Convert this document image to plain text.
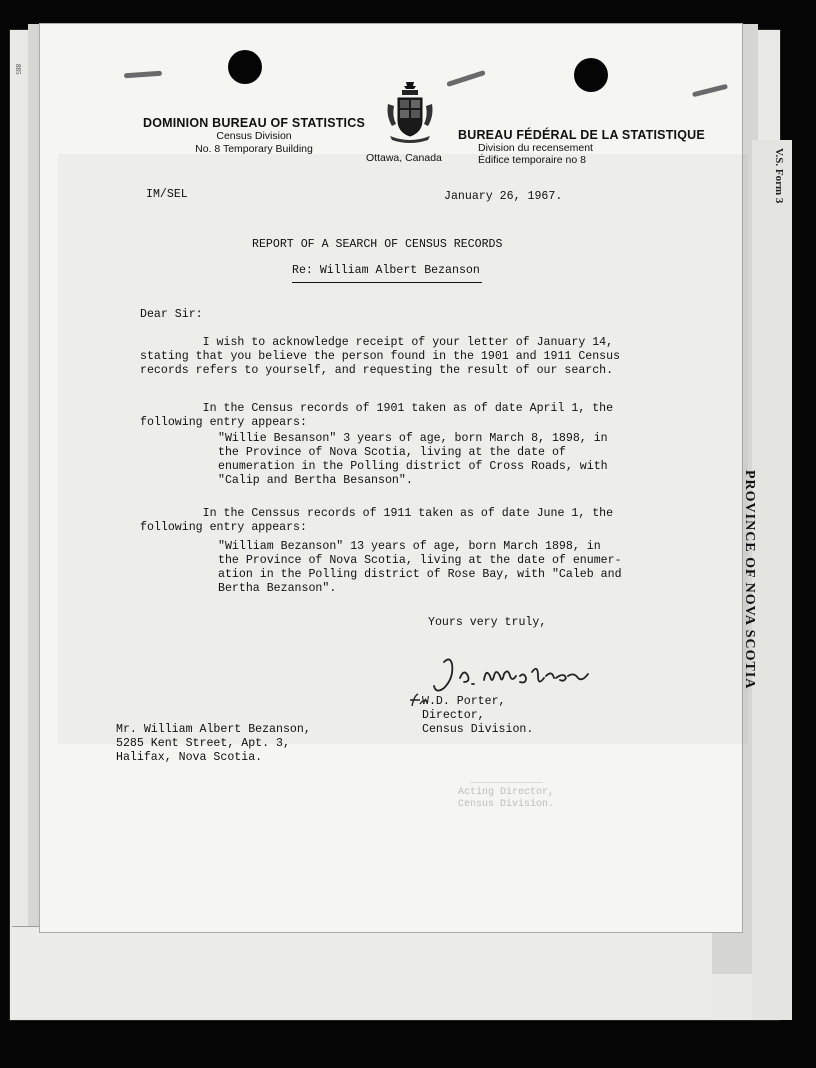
V.S. Form 3
PROVINCE OF NOVA SCOTIA
885
DOMINION BUREAU OF STATISTICS
Census Division
No. 8 Temporary Building
BUREAU FÉDÉRAL DE LA STATISTIQUE
Division du recensement
Édifice temporaire no 8
Ottawa, Canada
IM/SEL	January 26, 1967.
REPORT OF A SEARCH OF CENSUS RECORDS
Re: William Albert Bezanson
Dear Sir:
I wish to acknowledge receipt of your letter of January 14,
stating that you believe the person found in the 1901 and 1911 Census
records refers to yourself, and requesting the result of our search.
In the Census records of 1901 taken as of date April 1, the
following entry appears:
"Willie Besanson" 3 years of age, born March 8, 1898, in
the Province of Nova Scotia, living at the date of
enumeration in the Polling district of Cross Roads, with
"Calip and Bertha Besanson".
In the Censsus records of 1911 taken as of date June 1, the
following entry appears:
"William Bezanson" 13 years of age, born March 1898, in
the Province of Nova Scotia, living at the date of enumer-
ation in the Polling district of Rose Bay, with "Caleb and
Bertha Bezanson".
Yours very truly,
W.D. Porter,
Director,
Census Division.
Mr. William Albert Bezanson,
5285 Kent Street, Apt. 3,
Halifax, Nova Scotia.
____________
Acting Director,
Census Division.
